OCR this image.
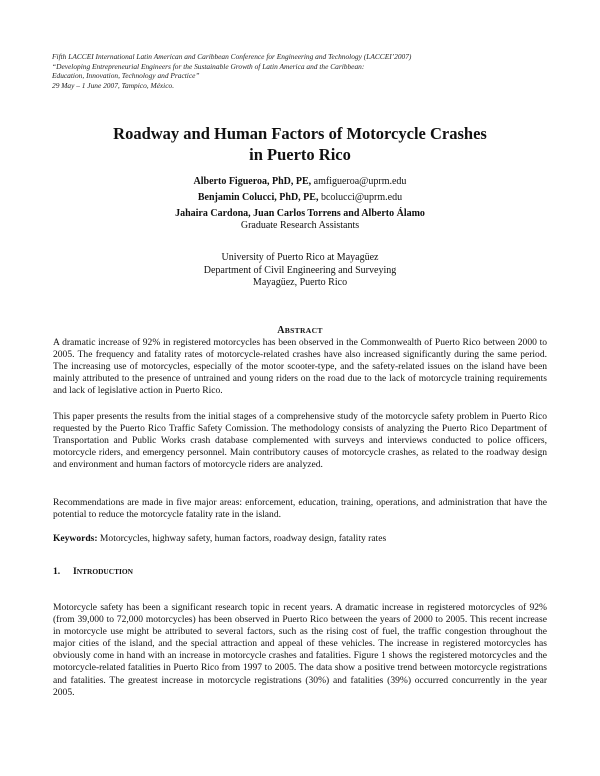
Fifth LACCEI International Latin American and Caribbean Conference for Engineering and Technology (LACCEI’2007)
“Developing Entrepreneurial Engineers for the Sustainable Growth of Latin America and the Caribbean:
Education, Innovation, Technology and Practice”
29 May – 1 June 2007, Tampico, México.
Roadway and Human Factors of Motorcycle Crashes
in Puerto Rico
Alberto Figueroa, PhD, PE, amfigueroa@uprm.edu
Benjamin Colucci, PhD, PE, bcolucci@uprm.edu
Jahaira Cardona, Juan Carlos Torrens and Alberto Álamo
Graduate Research Assistants
University of Puerto Rico at Mayagüez
Department of Civil Engineering and Surveying
Mayagüez, Puerto Rico
ABSTRACT

A dramatic increase of 92% in registered motorcycles has been observed in the Commonwealth of Puerto Rico between 2000 to 2005. The frequency and fatality rates of motorcycle-related crashes have also increased significantly during the same period. The increasing use of motorcycles, especially of the motor scooter-type, and the safety-related issues on the island have been mainly attributed to the presence of untrained and young riders on the road due to the lack of motorcycle training requirements and lack of legislative action in Puerto Rico.

This paper presents the results from the initial stages of a comprehensive study of the motorcycle safety problem in Puerto Rico requested by the Puerto Rico Traffic Safety Comission. The methodology consists of analyzing the Puerto Rico Department of Transportation and Public Works crash database complemented with surveys and interviews conducted to police officers, motorcycle riders, and emergency personnel. Main contributory causes of motorcycle crashes, as related to the roadway design and environment and human factors of motorcycle riders are analyzed.

Recommendations are made in five major areas: enforcement, education, training, operations, and administration that have the potential to reduce the motorcycle fatality rate in the island.

Keywords: Motorcycles, highway safety, human factors, roadway design, fatality rates

1. INTRODUCTION

Motorcycle safety has been a significant research topic in recent years. A dramatic increase in registered motorcycles of 92% (from 39,000 to 72,000 motorcycles) has been observed in Puerto Rico between the years of 2000 to 2005. This recent increase in motorcycle use might be attributed to several factors, such as the rising cost of fuel, the traffic congestion throughout the major cities of the island, and the special attraction and appeal of these vehicles. The increase in registered motorcycles has obviously come in hand with an increase in motorcycle crashes and fatalities. Figure 1 shows the registered motorcycles and the motorcycle-related fatalities in Puerto Rico from 1997 to 2005. The data show a positive trend between motorcycle registrations and fatalities. The greatest increase in motorcycle registrations (30%) and fatalities (39%) occurred concurrently in the year 2005.
